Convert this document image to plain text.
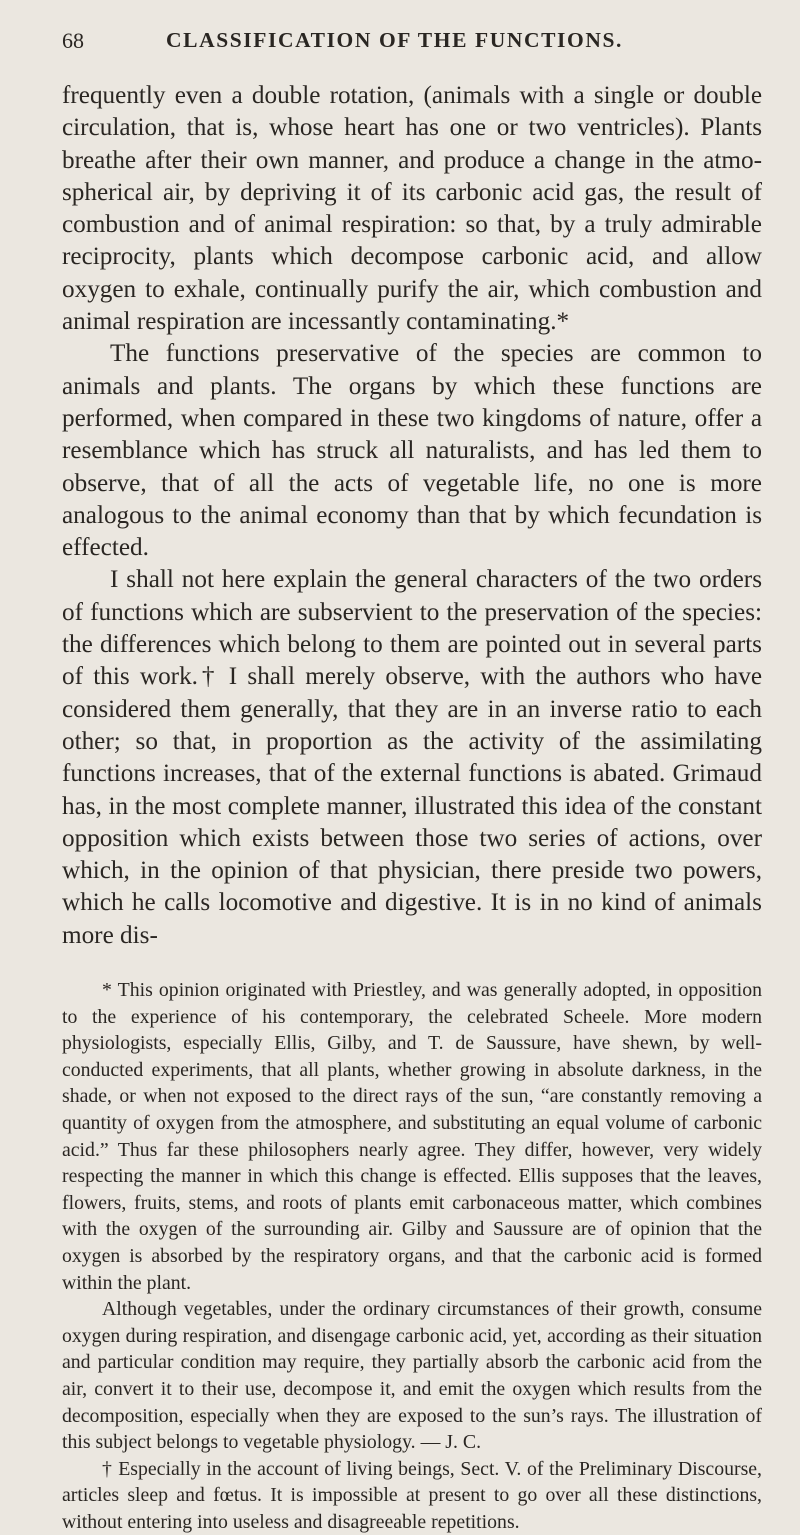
68	CLASSIFICATION OF THE FUNCTIONS.

frequently even a double rotation, (animals with a single or double circulation, that is, whose heart has one or two ventricles). Plants breathe after their own manner, and produce a change in the atmospherical air, by depriving it of its carbonic acid gas, the result of combustion and of animal respiration: so that, by a truly admirable reciprocity, plants which decompose carbonic acid, and allow oxygen to exhale, continually purify the air, which combustion and animal respiration are incessantly contaminating.*

The functions preservative of the species are common to animals and plants. The organs by which these functions are performed, when compared in these two kingdoms of nature, offer a resemblance which has struck all naturalists, and has led them to observe, that of all the acts of vegetable life, no one is more analogous to the animal economy than that by which fecundation is effected.

I shall not here explain the general characters of the two orders of functions which are subservient to the preservation of the species: the differences which belong to them are pointed out in several parts of this work.† I shall merely observe, with the authors who have considered them generally, that they are in an inverse ratio to each other; so that, in proportion as the activity of the assimilating functions increases, that of the external functions is abated. Grimaud has, in the most complete manner, illustrated this idea of the constant opposition which exists between those two series of actions, over which, in the opinion of that physician, there preside two powers, which he calls locomotive and digestive. It is in no kind of animals more dis-

* This opinion originated with Priestley, and was generally adopted, in opposition to the experience of his contemporary, the celebrated Scheele. More modern physiologists, especially Ellis, Gilby, and T. de Saussure, have shewn, by well-conducted experiments, that all plants, whether growing in absolute darkness, in the shade, or when not exposed to the direct rays of the sun, “are constantly removing a quantity of oxygen from the atmosphere, and substituting an equal volume of carbonic acid.” Thus far these philosophers nearly agree. They differ, however, very widely respecting the manner in which this change is effected. Ellis supposes that the leaves, flowers, fruits, stems, and roots of plants emit carbonaceous matter, which combines with the oxygen of the surrounding air. Gilby and Saussure are of opinion that the oxygen is absorbed by the respiratory organs, and that the carbonic acid is formed within the plant.

Although vegetables, under the ordinary circumstances of their growth, consume oxygen during respiration, and disengage carbonic acid, yet, according as their situation and particular condition may require, they partially absorb the carbonic acid from the air, convert it to their use, decompose it, and emit the oxygen which results from the decomposition, especially when they are exposed to the sun’s rays. The illustration of this subject belongs to vegetable physiology. — J. C.

† Especially in the account of living beings, Sect. V. of the Preliminary Discourse, articles sleep and fœtus. It is impossible at present to go over all these distinctions, without entering into useless and disagreeable repetitions.
